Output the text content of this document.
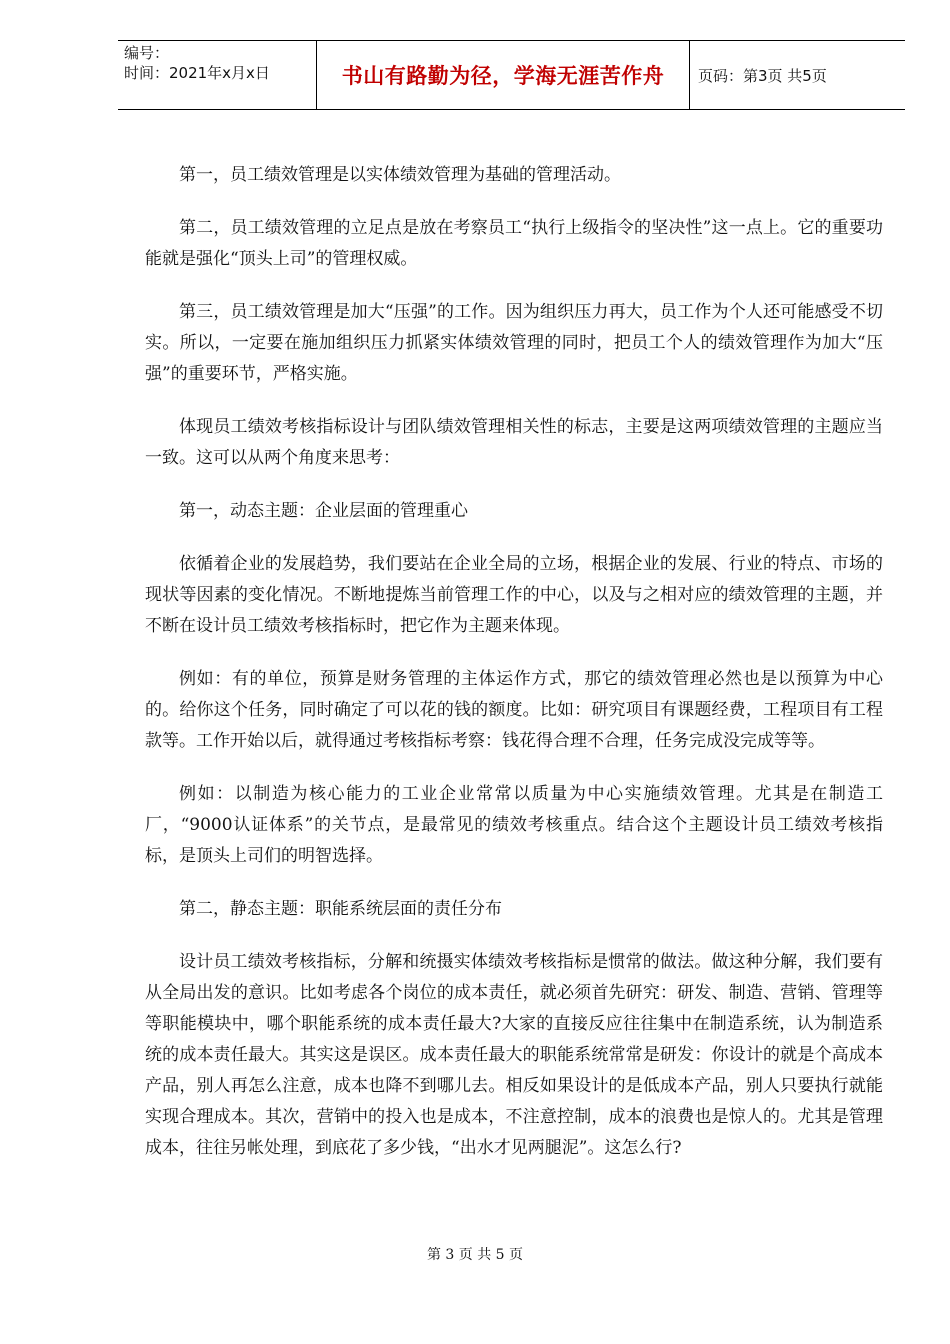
编号：
时间：2021年x月x日	书山有路勤为径，学海无涯苦作舟 页码：第3页 共5页

第一，员工绩效管理是以实体绩效管理为基础的管理活动。

第二，员工绩效管理的立足点是放在考察员工“执行上级指令的坚决性”这一点上。它的重要功能就是强化“顶头上司”的管理权威。

第三，员工绩效管理是加大“压强”的工作。因为组织压力再大，员工作为个人还可能感受不切实。所以，一定要在施加组织压力抓紧实体绩效管理的同时，把员工个人的绩效管理作为加大“压强”的重要环节，严格实施。

体现员工绩效考核指标设计与团队绩效管理相关性的标志，主要是这两项绩效管理的主题应当一致。这可以从两个角度来思考：

第一，动态主题：企业层面的管理重心

依循着企业的发展趋势，我们要站在企业全局的立场，根据企业的发展、行业的特点、市场的现状等因素的变化情况。不断地提炼当前管理工作的中心，以及与之相对应的绩效管理的主题，并不断在设计员工绩效考核指标时，把它作为主题来体现。

例如：有的单位，预算是财务管理的主体运作方式，那它的绩效管理必然也是以预算为中心的。给你这个任务，同时确定了可以花的钱的额度。比如：研究项目有课题经费，工程项目有工程款等。工作开始以后，就得通过考核指标考察：钱花得合理不合理，任务完成没完成等等。

例如：以制造为核心能力的工业企业常常以质量为中心实施绩效管理。尤其是在制造工厂，“9000认证体系”的关节点，是最常见的绩效考核重点。结合这个主题设计员工绩效考核指标，是顶头上司们的明智选择。

第二，静态主题：职能系统层面的责任分布

设计员工绩效考核指标，分解和统摄实体绩效考核指标是惯常的做法。做这种分解，我们要有从全局出发的意识。比如考虑各个岗位的成本责任，就必须首先研究：研发、制造、营销、管理等等职能模块中，哪个职能系统的成本责任最大?大家的直接反应往往集中在制造系统，认为制造系统的成本责任最大。其实这是误区。成本责任最大的职能系统常常是研发：你设计的就是个高成本产品，别人再怎么注意，成本也降不到哪儿去。相反如果设计的是低成本产品，别人只要执行就能实现合理成本。其次，营销中的投入也是成本，不注意控制，成本的浪费也是惊人的。尤其是管理成本，往往另帐处理，到底花了多少钱，“出水才见两腿泥”。这怎么行?

第 3 页 共 5 页
